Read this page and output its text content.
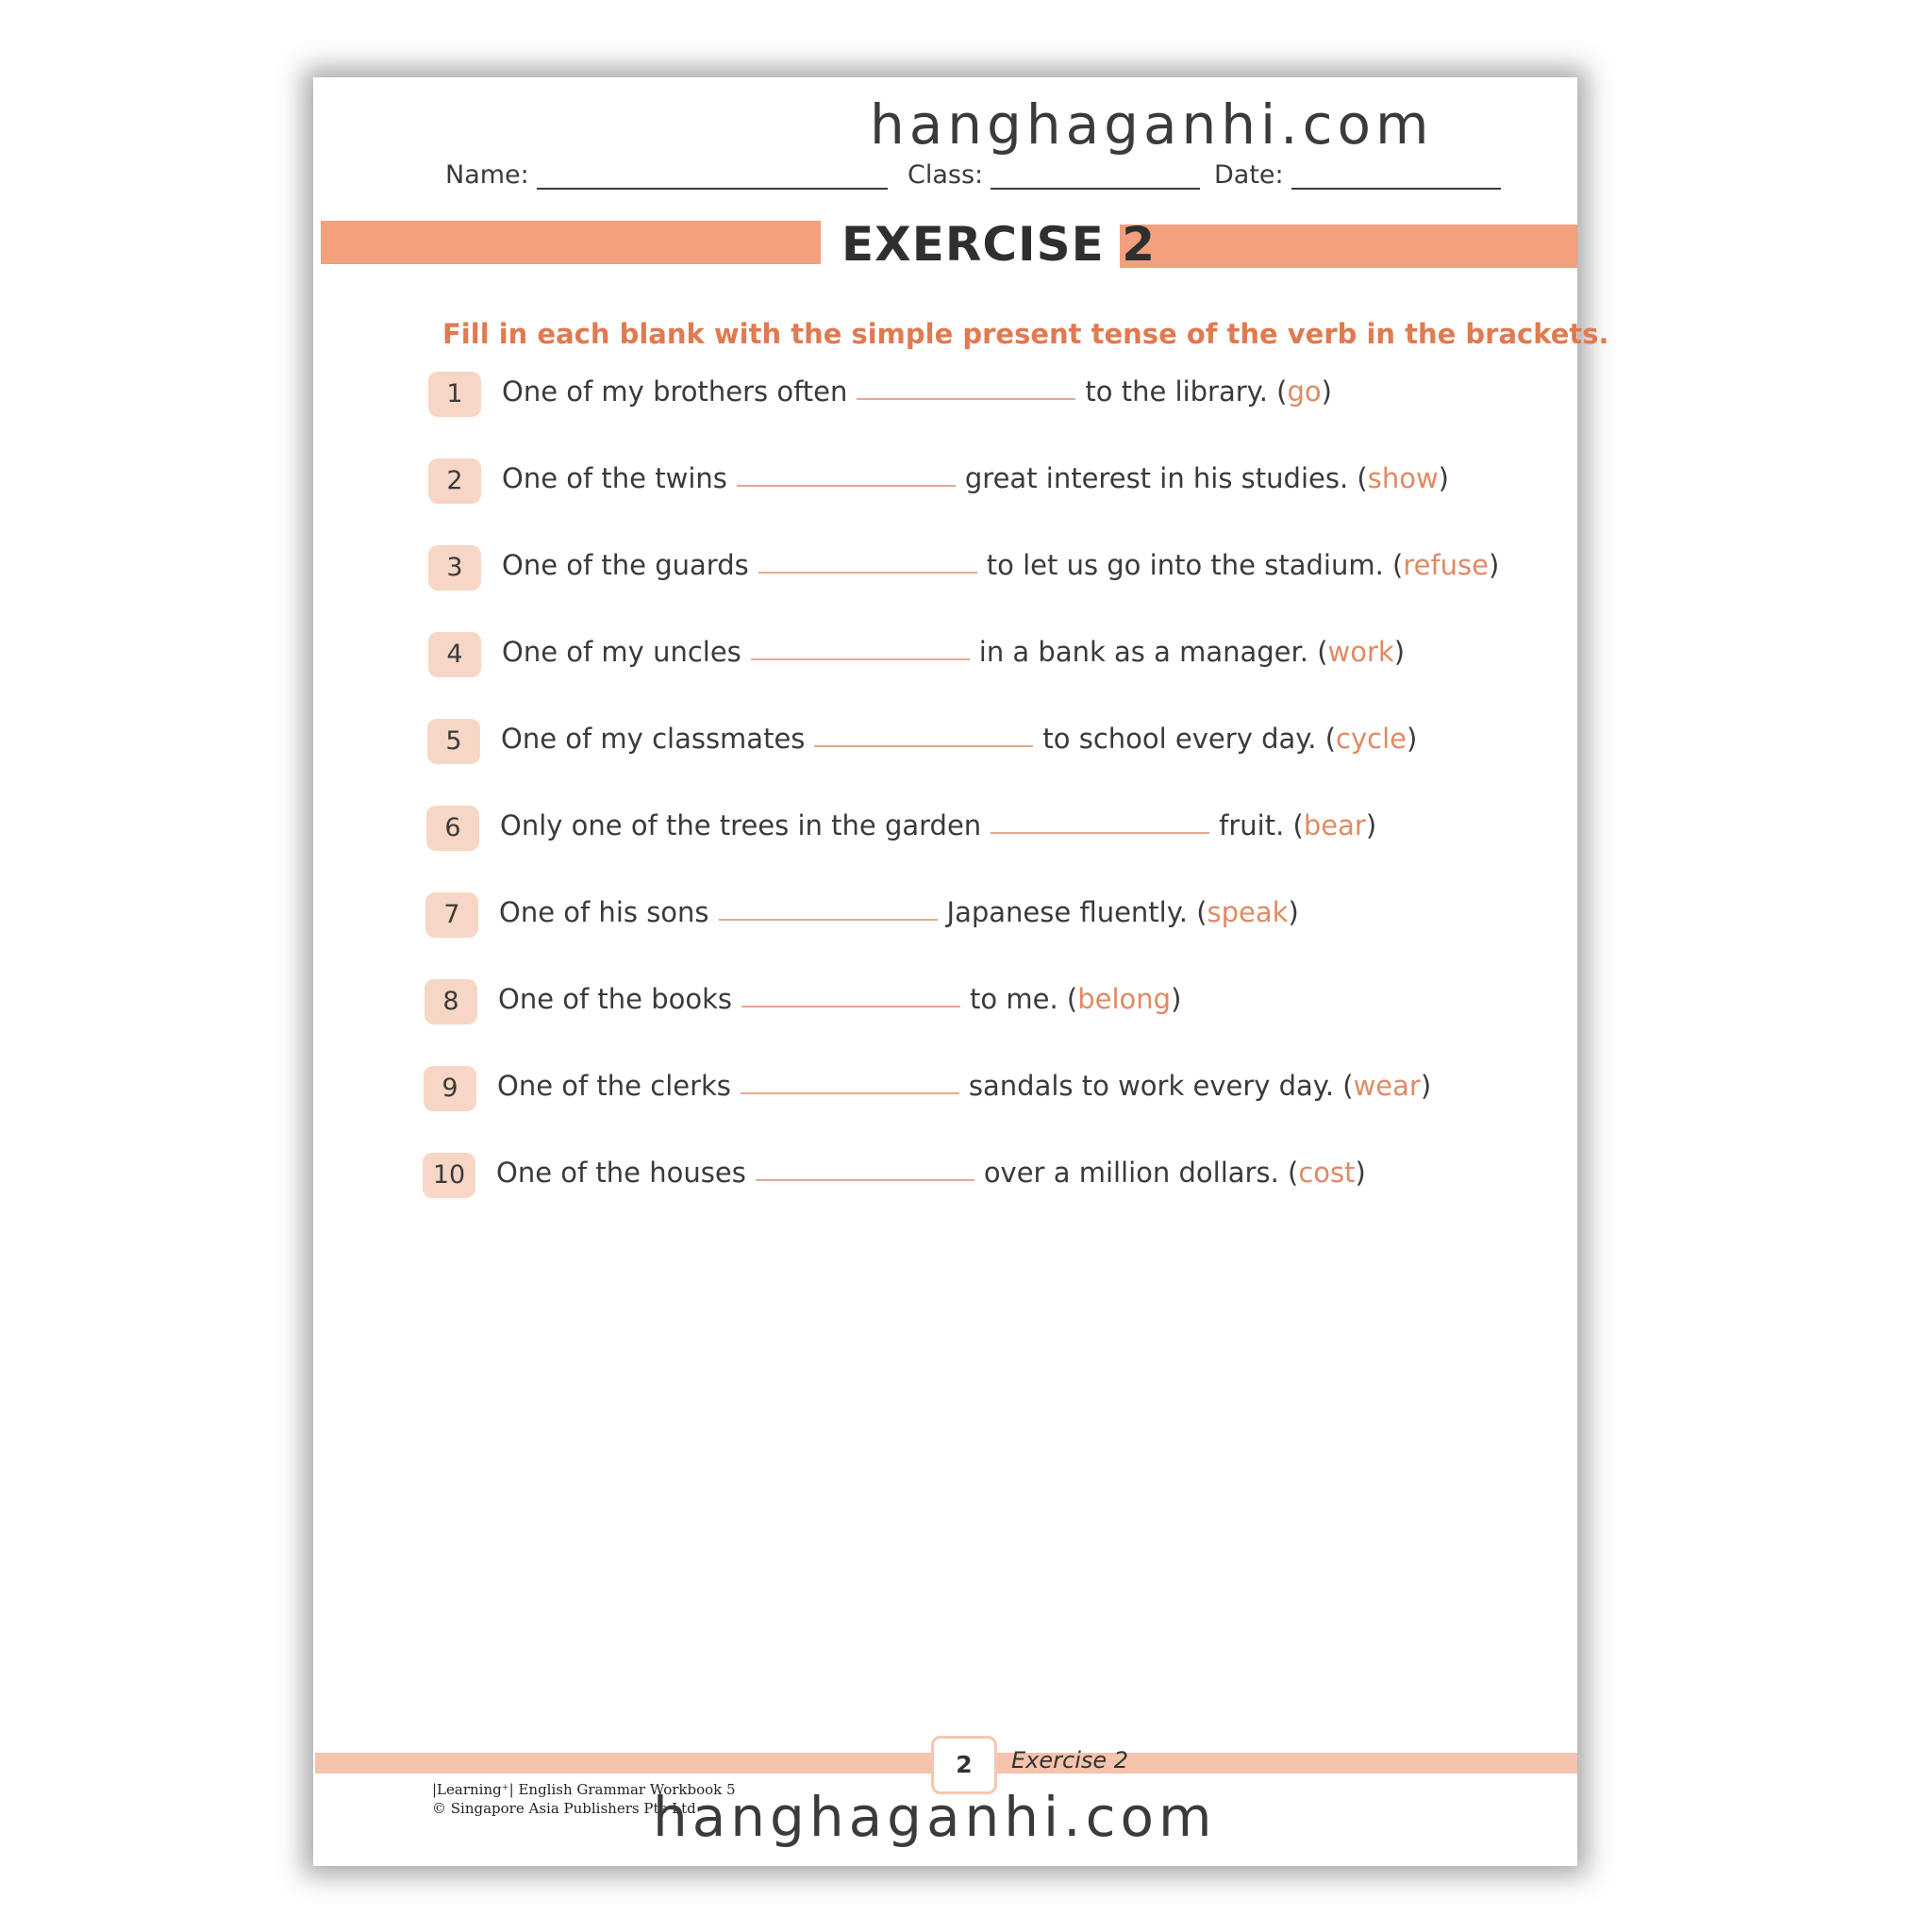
hanghaganhi.com
Name:	Class:	Date:
EXERCISE 2
Fill in each blank with the simple present tense of the verb in the brackets.
1	One of my brothers often	to the library. (go)
2	One of the twins	great interest in his studies. (show)
3	One of the guards	to let us go into the stadium. (refuse)
4	One of my uncles	in a bank as a manager. (work)
5	One of my classmates	to school every day. (cycle)
6	Only one of the trees in the garden	fruit. (bear)
7	One of his sons	Japanese fluently. (speak)
8	One of the books	to me. (belong)
9	One of the clerks	sandals to work every day. (wear)
10	One of the houses	over a million dollars. (cost)
2	Exercise 2
|Learning⁺| English Grammar Workbook 5
© Singapore Asia Publishers Pte Ltd
hanghaganhi.com
